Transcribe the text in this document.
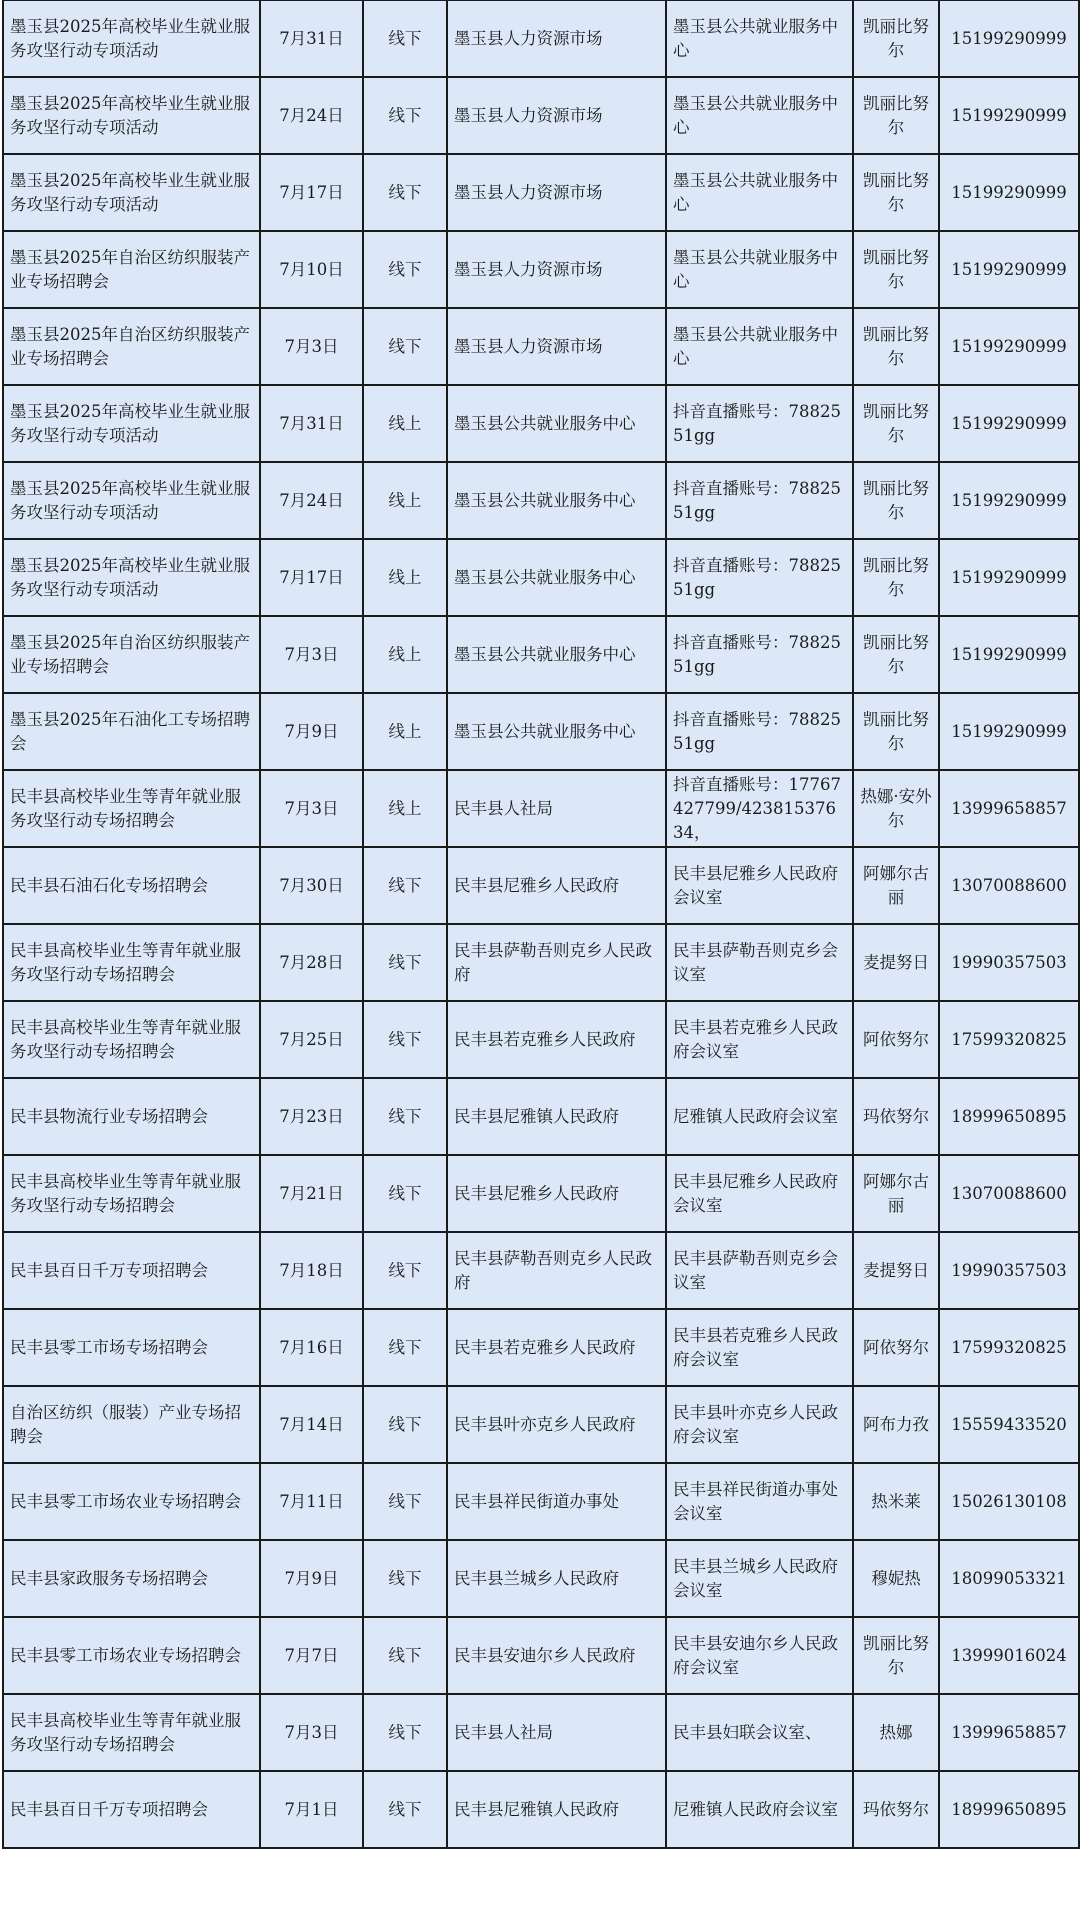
墨玉县2025年高校毕业生就业服务攻坚行动专项活动	7月31日	线下	墨玉县人力资源市场	墨玉县公共就业服务中心	凯丽比努尔	15199290999
墨玉县2025年高校毕业生就业服务攻坚行动专项活动	7月24日	线下	墨玉县人力资源市场	墨玉县公共就业服务中心	凯丽比努尔	15199290999
墨玉县2025年高校毕业生就业服务攻坚行动专项活动	7月17日	线下	墨玉县人力资源市场	墨玉县公共就业服务中心	凯丽比努尔	15199290999
墨玉县2025年自治区纺织服装产业专场招聘会	7月10日	线下	墨玉县人力资源市场	墨玉县公共就业服务中心	凯丽比努尔	15199290999
墨玉县2025年自治区纺织服装产业专场招聘会	7月3日	线下	墨玉县人力资源市场	墨玉县公共就业服务中心	凯丽比努尔	15199290999
墨玉县2025年高校毕业生就业服务攻坚行动专项活动	7月31日	线上	墨玉县公共就业服务中心	抖音直播账号：7882551gg	凯丽比努尔	15199290999
墨玉县2025年高校毕业生就业服务攻坚行动专项活动	7月24日	线上	墨玉县公共就业服务中心	抖音直播账号：7882551gg	凯丽比努尔	15199290999
墨玉县2025年高校毕业生就业服务攻坚行动专项活动	7月17日	线上	墨玉县公共就业服务中心	抖音直播账号：7882551gg	凯丽比努尔	15199290999
墨玉县2025年自治区纺织服装产业专场招聘会	7月3日	线上	墨玉县公共就业服务中心	抖音直播账号：7882551gg	凯丽比努尔	15199290999
墨玉县2025年石油化工专场招聘会	7月9日	线上	墨玉县公共就业服务中心	抖音直播账号：7882551gg	凯丽比努尔	15199290999
民丰县高校毕业生等青年就业服务攻坚行动专场招聘会	7月3日	线上	民丰县人社局	抖音直播账号：17767427799/42381537634，	热娜·安外尔	13999658857
民丰县石油石化专场招聘会	7月30日	线下	民丰县尼雅乡人民政府	民丰县尼雅乡人民政府会议室	阿娜尔古丽	13070088600
民丰县高校毕业生等青年就业服务攻坚行动专场招聘会	7月28日	线下	民丰县萨勒吾则克乡人民政府	民丰县萨勒吾则克乡会议室	麦提努日	19990357503
民丰县高校毕业生等青年就业服务攻坚行动专场招聘会	7月25日	线下	民丰县若克雅乡人民政府	民丰县若克雅乡人民政府会议室	阿依努尔	17599320825
民丰县物流行业专场招聘会	7月23日	线下	民丰县尼雅镇人民政府	尼雅镇人民政府会议室	玛依努尔	18999650895
民丰县高校毕业生等青年就业服务攻坚行动专场招聘会	7月21日	线下	民丰县尼雅乡人民政府	民丰县尼雅乡人民政府会议室	阿娜尔古丽	13070088600
民丰县百日千万专项招聘会	7月18日	线下	民丰县萨勒吾则克乡人民政府	民丰县萨勒吾则克乡会议室	麦提努日	19990357503
民丰县零工市场专场招聘会	7月16日	线下	民丰县若克雅乡人民政府	民丰县若克雅乡人民政府会议室	阿依努尔	17599320825
自治区纺织（服装）产业专场招聘会	7月14日	线下	民丰县叶亦克乡人民政府	民丰县叶亦克乡人民政府会议室	阿布力孜	15559433520
民丰县零工市场农业专场招聘会	7月11日	线下	民丰县祥民街道办事处	民丰县祥民街道办事处会议室	热米莱	15026130108
民丰县家政服务专场招聘会	7月9日	线下	民丰县兰城乡人民政府	民丰县兰城乡人民政府会议室	穆妮热	18099053321
民丰县零工市场农业专场招聘会	7月7日	线下	民丰县安迪尔乡人民政府	民丰县安迪尔乡人民政府会议室	凯丽比努尔	13999016024
民丰县高校毕业生等青年就业服务攻坚行动专场招聘会	7月3日	线下	民丰县人社局	民丰县妇联会议室、	热娜	13999658857
民丰县百日千万专项招聘会	7月1日	线下	民丰县尼雅镇人民政府	尼雅镇人民政府会议室	玛依努尔	18999650895
